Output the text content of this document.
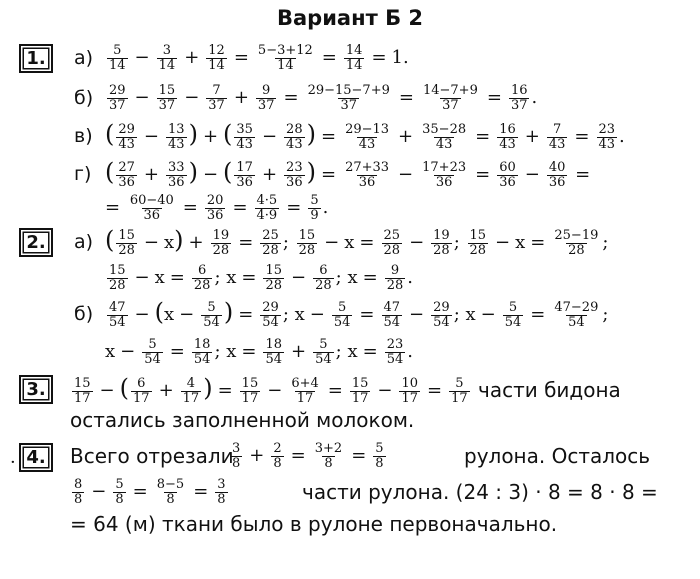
Вариант Б 2
1.	$а) \frac{5}{14} - \frac{3}{14} + \frac{12}{14} = \frac{5-3+12}{14} = \frac{14}{14} = 1$.
$б) \frac{29}{37} - \frac{15}{37} - \frac{7}{37} + \frac{9}{37} = \frac{29-15-7+9}{37} = \frac{14-7+9}{37} = \frac{16}{37}$ .
в) ( $\frac{29}{43} - \frac{13}{43}$ ) + ( $\frac{35}{43} - \frac{28}{43}$ ) = $\frac{29-13}{43} + \frac{35-28}{43} = \frac{16}{43} + \frac{7}{43} = \frac{23}{43}$ .
г) ( $\frac{27}{36} + \frac{33}{36}$ ) − ( $\frac{17}{36} + \frac{23}{36}$ ) = $\frac{27+33}{36} - \frac{17+23}{36} = \frac{60}{36} - \frac{40}{36}$ =
= $\frac{60-40}{36} = \frac{20}{36} = \frac{4\cdot 5}{4\cdot 9} = \frac{5}{9}$ .
2.	а) ( $\frac{15}{28} - x) + \frac{19}{28} = \frac{25}{28}$ ; $\frac{15}{28} - x = \frac{25}{28} - \frac{19}{28}$ ; $\frac{15}{28} - x = \frac{25-19}{28}$ ;
$\frac{15}{28} - x = \frac{6}{28}$ ; $x = \frac{15}{28} - \frac{6}{28}$ ; $x = \frac{9}{28}$ .
$б) \frac{47}{54} - (x - \frac{5}{54}$ ) = $\frac{29}{54}$ ; $x - \frac{5}{54} = \frac{47}{54} - \frac{29}{54}$ ; $x - \frac{5}{54} = \frac{47-29}{54}$ ;
$x - \frac{5}{54} = \frac{18}{54}$ ; $x = \frac{18}{54} + \frac{5}{54}$ ; $x = \frac{23}{54}$ .
3.	$\frac{15}{17}$ − ( $\frac{6}{17} + \frac{4}{17}$ ) = $\frac{15}{17} - \frac{6+4}{17} = \frac{15}{17} - \frac{10}{17} = \frac{5}{17}$ части бидона
остались заполненной молоком.
· 4.	Всего отрезали
$\frac{3}{8} + \frac{2}{8} = \frac{3+2}{8} = \frac{5}{8}$	рулона. Осталось
$\frac{8}{8} - \frac{5}{8} = \frac{8-5}{8} = \frac{3}{8}$	части рулона. (24 : 3) · 8 = 8 · 8 =
= 64 (м) ткани было в рулоне первоначально.
